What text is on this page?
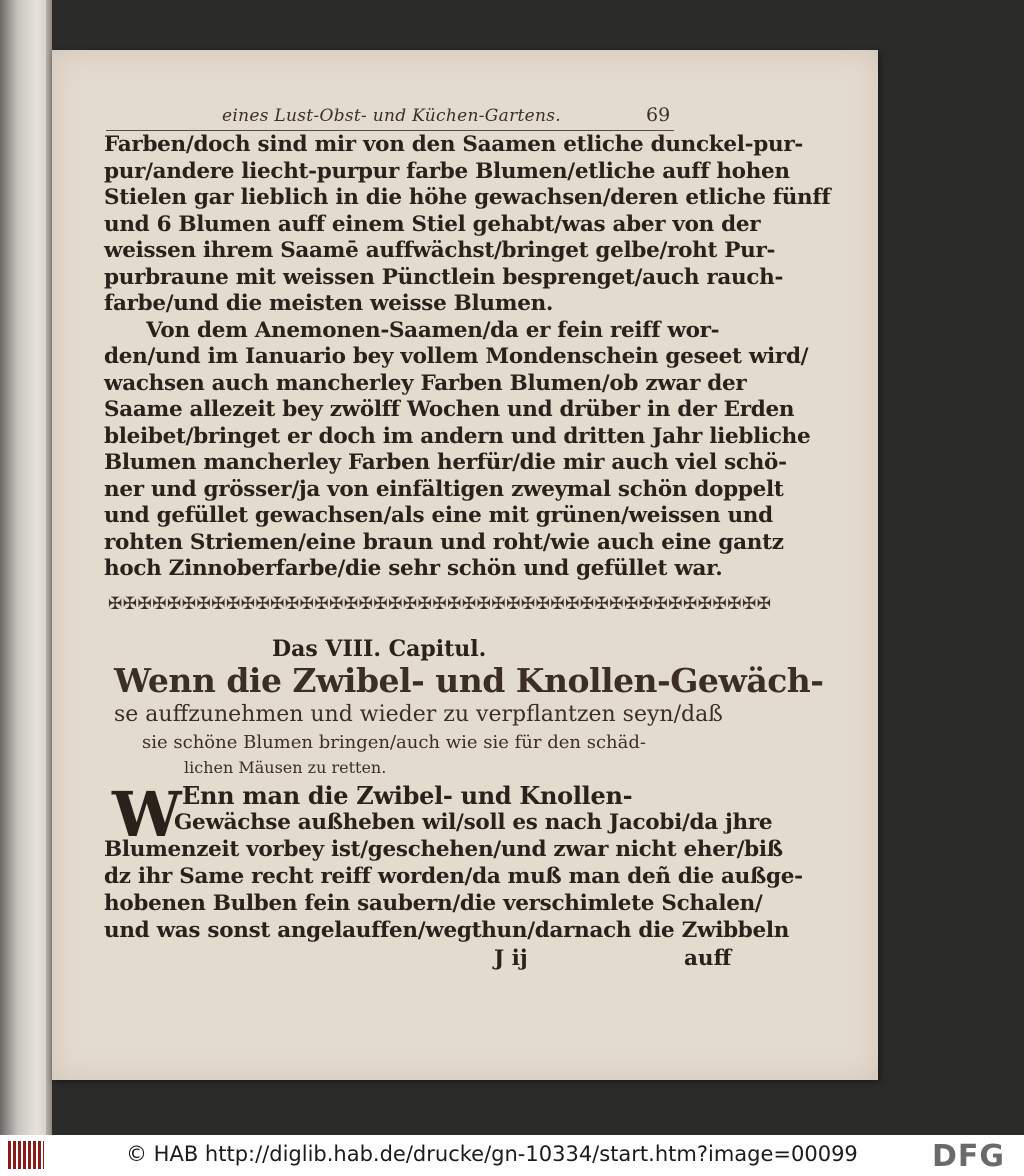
eines Lust-Obst- und Küchen-Gartens.	69
Farben/doch sind mir von den Saamen etliche dunckel-pur-
pur/andere liecht-purpur farbe Blumen/etliche auff hohen
Stielen gar lieblich in die höhe gewachsen/deren etliche fünff
und 6 Blumen auff einem Stiel gehabt/was aber von der
weissen ihrem Saamē auffwächst/bringet gelbe/roht Pur-
purbraune mit weissen Pünctlein besprenget/auch rauch-
farbe/und die meisten weisse Blumen.
Von dem Anemonen-Saamen/da er fein reiff wor-
den/und im Ianuario bey vollem Mondenschein geseet wird/
wachsen auch mancherley Farben Blumen/ob zwar der
Saame allezeit bey zwölff Wochen und drüber in der Erden
bleibet/bringet er doch im andern und dritten Jahr liebliche
Blumen mancherley Farben herfür/die mir auch viel schö-
ner und grösser/ja von einfältigen zweymal schön doppelt
und gefüllet gewachsen/als eine mit grünen/weissen und
rohten Striemen/eine braun und roht/wie auch eine gantz
hoch Zinnoberfarbe/die sehr schön und gefüllet war.
✠✠✠✠✠✠✠✠✠✠✠✠✠✠✠✠✠✠✠✠✠✠✠✠✠✠✠✠✠✠✠✠✠✠✠✠✠✠✠✠✠✠✠✠✠
Das VIII. Capitul.
Wenn die Zwibel- und Knollen-Gewäch-
se auffzunehmen und wieder zu verpflantzen seyn/daß
sie schöne Blumen bringen/auch wie sie für den schäd-
lichen Mäusen zu retten.
W Enn man die Zwibel- und Knollen-
Gewächse außheben wil/soll es nach Jacobi/da jhre
Blumenzeit vorbey ist/geschehen/und zwar nicht eher/biß
dz ihr Same recht reiff worden/da muß man deñ die außge-
hobenen Bulben fein saubern/die verschimlete Schalen/
und was sonst angelauffen/wegthun/darnach die Zwibbeln
J ij	auff
© HAB http://diglib.hab.de/drucke/gn-10334/start.htm?image=00099 DFG
